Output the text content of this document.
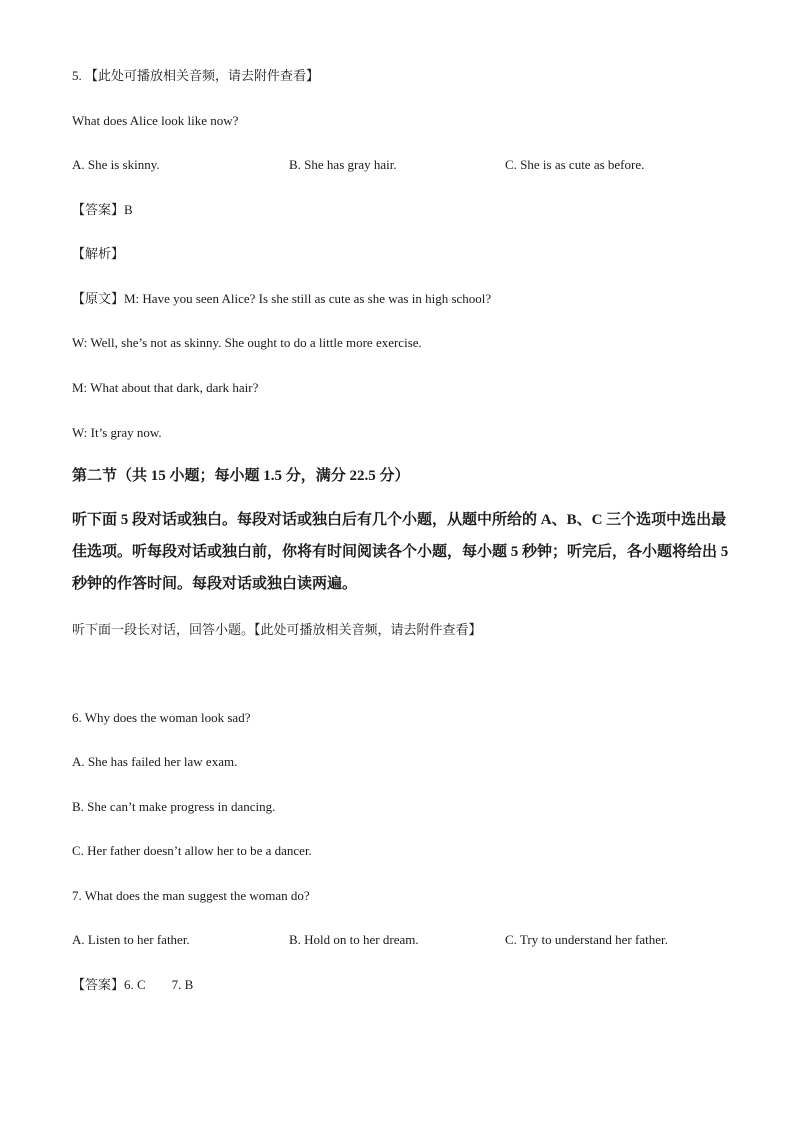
5. 【此处可播放相关音频，请去附件查看】
What does Alice look like now?
A. She is skinny.	B. She has gray hair.	C. She is as cute as before.
【答案】B
【解析】
【原文】M: Have you seen Alice? Is she still as cute as she was in high school?
W: Well, she’s not as skinny. She ought to do a little more exercise.
M: What about that dark, dark hair?
W: It’s gray now.
第二节（共 15 小题；每小题 1.5 分，满分 22.5 分）
听下面 5 段对话或独白。每段对话或独白后有几个小题，从题中所给的 A、B、C 三个选项中选出最佳选项。听每段对话或独白前，你将有时间阅读各个小题，每小题 5 秒钟；听完后，各小题将给出 5 秒钟的作答时间。每段对话或独白读两遍。
听下面一段长对话，回答小题。【此处可播放相关音频，请去附件查看】
6. Why does the woman look sad?
A. She has failed her law exam.
B. She can’t make progress in dancing.
C. Her father doesn’t allow her to be a dancer.
7. What does the man suggest the woman do?
A. Listen to her father.	B. Hold on to her dream.	C. Try to understand her father.
【答案】6. C　　7. B
